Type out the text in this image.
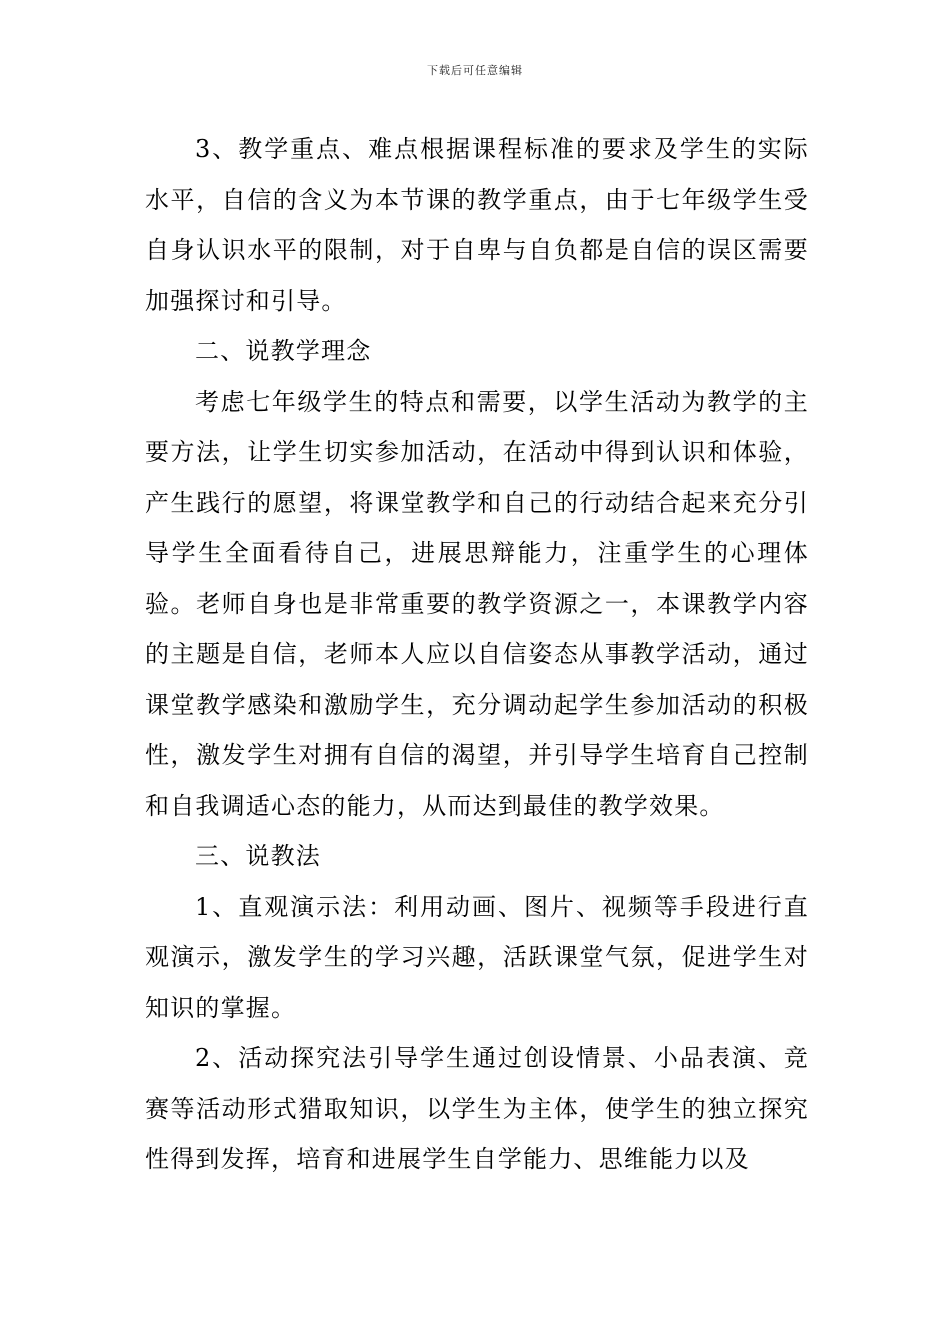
下载后可任意编辑

3、教学重点、难点根据课程标准的要求及学生的实际水平，自信的含义为本节课的教学重点，由于七年级学生受自身认识水平的限制，对于自卑与自负都是自信的误区需要加强探讨和引导。

二、说教学理念

考虑七年级学生的特点和需要，以学生活动为教学的主要方法，让学生切实参加活动，在活动中得到认识和体验，产生践行的愿望，将课堂教学和自己的行动结合起来充分引导学生全面看待自己，进展思辩能力，注重学生的心理体验。老师自身也是非常重要的教学资源之一，本课教学内容的主题是自信，老师本人应以自信姿态从事教学活动，通过课堂教学感染和激励学生，充分调动起学生参加活动的积极性，激发学生对拥有自信的渴望，并引导学生培育自己控制和自我调适心态的能力，从而达到最佳的教学效果。

三、说教法

1、直观演示法：利用动画、图片、视频等手段进行直观演示，激发学生的学习兴趣，活跃课堂气氛，促进学生对知识的掌握。

2、活动探究法引导学生通过创设情景、小品表演、竞赛等活动形式猎取知识，以学生为主体，使学生的独立探究性得到发挥，培育和进展学生自学能力、思维能力以及
